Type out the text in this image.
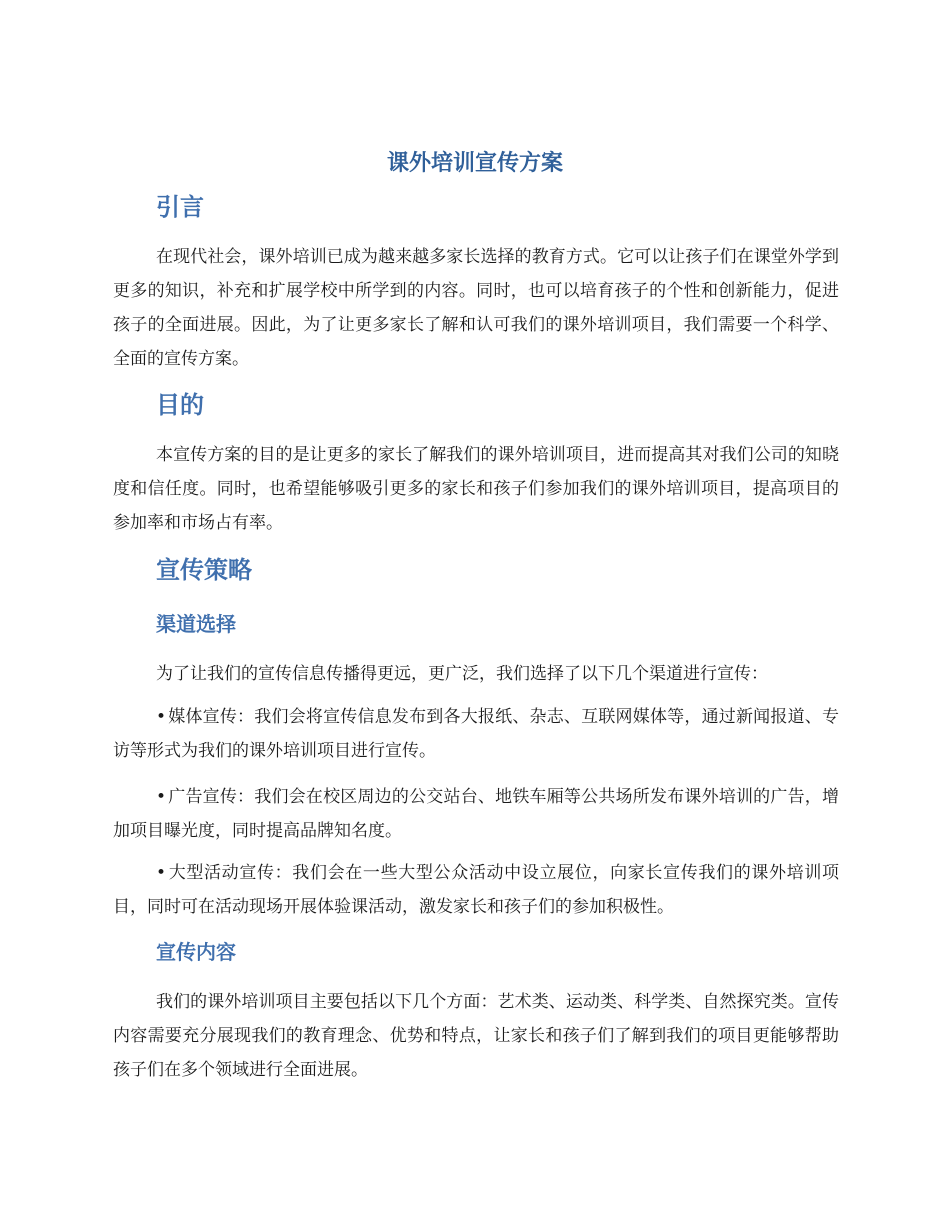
课外培训宣传方案
引言

在现代社会，课外培训已成为越来越多家长选择的教育方式。它可以让孩子们在课堂外学到更多的知识，补充和扩展学校中所学到的内容。同时，也可以培育孩子的个性和创新能力，促进孩子的全面进展。因此，为了让更多家长了解和认可我们的课外培训项目，我们需要一个科学、全面的宣传方案。

目的

本宣传方案的目的是让更多的家长了解我们的课外培训项目，进而提高其对我们公司的知晓度和信任度。同时，也希望能够吸引更多的家长和孩子们参加我们的课外培训项目，提高项目的参加率和市场占有率。

宣传策略
渠道选择

为了让我们的宣传信息传播得更远，更广泛，我们选择了以下几个渠道进行宣传：

• 媒体宣传：我们会将宣传信息发布到各大报纸、杂志、互联网媒体等，通过新闻报道、专访等形式为我们的课外培训项目进行宣传。

• 广告宣传：我们会在校区周边的公交站台、地铁车厢等公共场所发布课外培训的广告，增加项目曝光度，同时提高品牌知名度。

• 大型活动宣传：我们会在一些大型公众活动中设立展位，向家长宣传我们的课外培训项目，同时可在活动现场开展体验课活动，激发家长和孩子们的参加积极性。

宣传内容

我们的课外培训项目主要包括以下几个方面：艺术类、运动类、科学类、自然探究类。宣传内容需要充分展现我们的教育理念、优势和特点，让家长和孩子们了解到我们的项目更能够帮助孩子们在多个领域进行全面进展。
